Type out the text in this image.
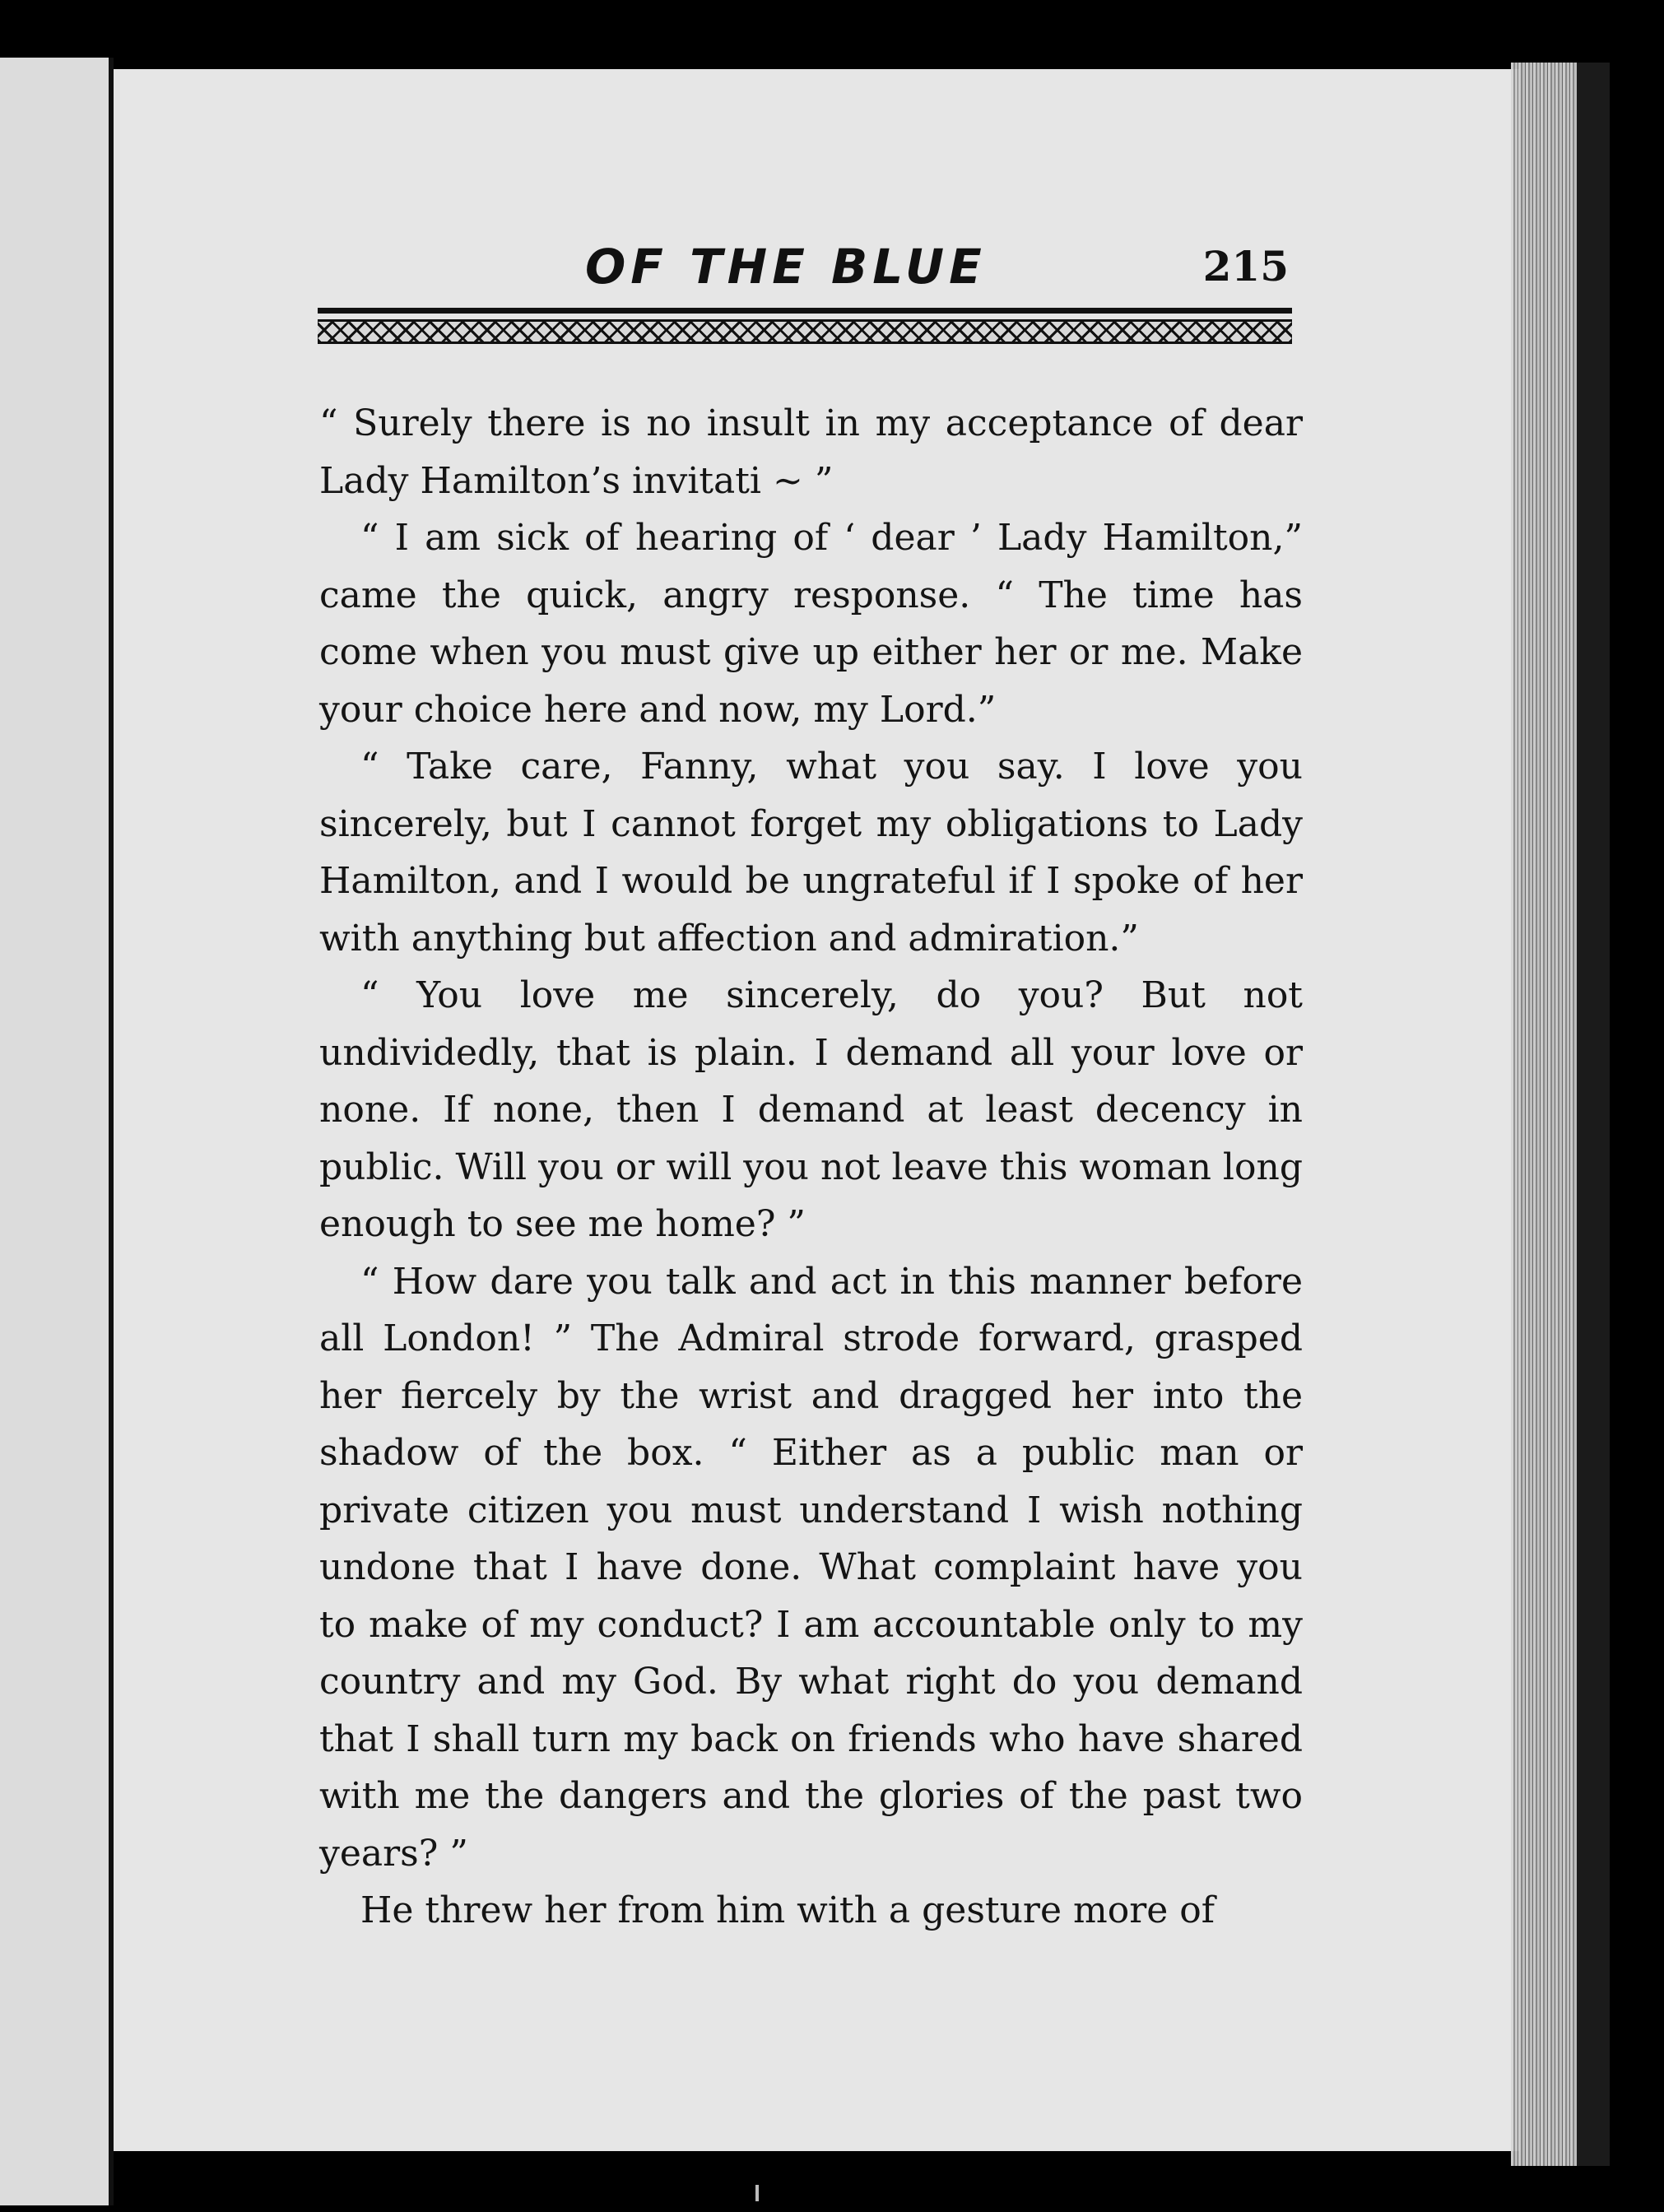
OF THE BLUE	215

“ Surely there is no insult in my acceptance of dear Lady Hamilton’s invitati ~ ”

“ I am sick of hearing of ‘ dear ’ Lady Hamilton,” came the quick, angry response. “ The time has come when you must give up either her or me. Make your choice here and now, my Lord.”

“ Take care, Fanny, what you say. I love you sincerely, but I cannot forget my obligations to Lady Hamilton, and I would be ungrateful if I spoke of her with anything but affection and admiration.”

“ You love me sincerely, do you? But not undividedly, that is plain. I demand all your love or none. If none, then I demand at least decency in public. Will you or will you not leave this woman long enough to see me home? ”

“ How dare you talk and act in this manner before all London! ” The Admiral strode forward, grasped her fiercely by the wrist and dragged her into the shadow of the box. “ Either as a public man or private citizen you must understand I wish nothing undone that I have done. What complaint have you to make of my conduct? I am accountable only to my country and my God. By what right do you demand that I shall turn my back on friends who have shared with me the dangers and the glories of the past two years? ”

He threw her from him with a gesture more of
